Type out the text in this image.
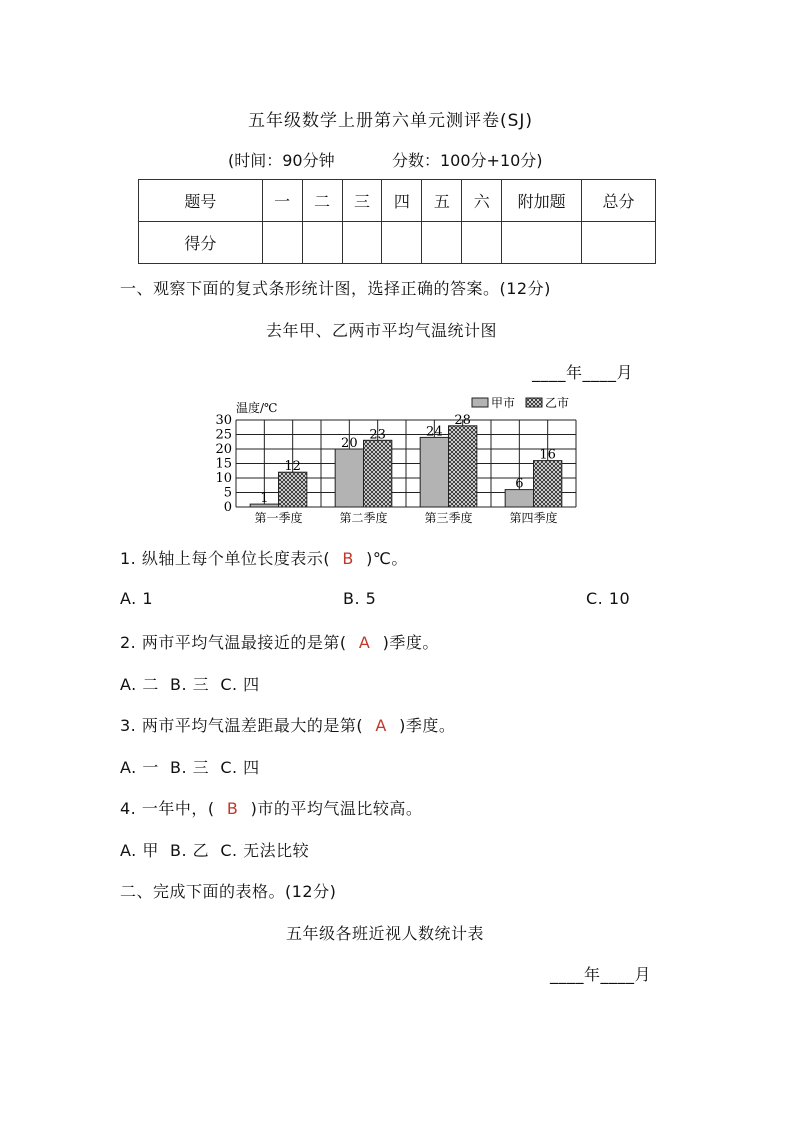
五年级数学上册第六单元测评卷(SJ)
(时间：90分钟	分数：100分+10分)
题号	一	二	三	四	五	六	附加题	总分
得分								
一、观察下面的复式条形统计图，选择正确的答案。(12分)
去年甲、乙两市平均气温统计图
____年____月
0
5
10
15
20
25
30
温度/℃
1
12
第一季度
20
23
第二季度
24
28
第三季度
6
16
第四季度
甲市 乙市
1. 纵轴上每个单位长度表示( B )℃。
A. 1	B. 5	C. 10
2. 两市平均气温最接近的是第( A )季度。
A. 二  B. 三  C. 四
3. 两市平均气温差距最大的是第( A )季度。
A. 一  B. 三  C. 四
4. 一年中，( B )市的平均气温比较高。
A. 甲  B. 乙  C. 无法比较
二、完成下面的表格。(12分)
五年级各班近视人数统计表
____年____月
